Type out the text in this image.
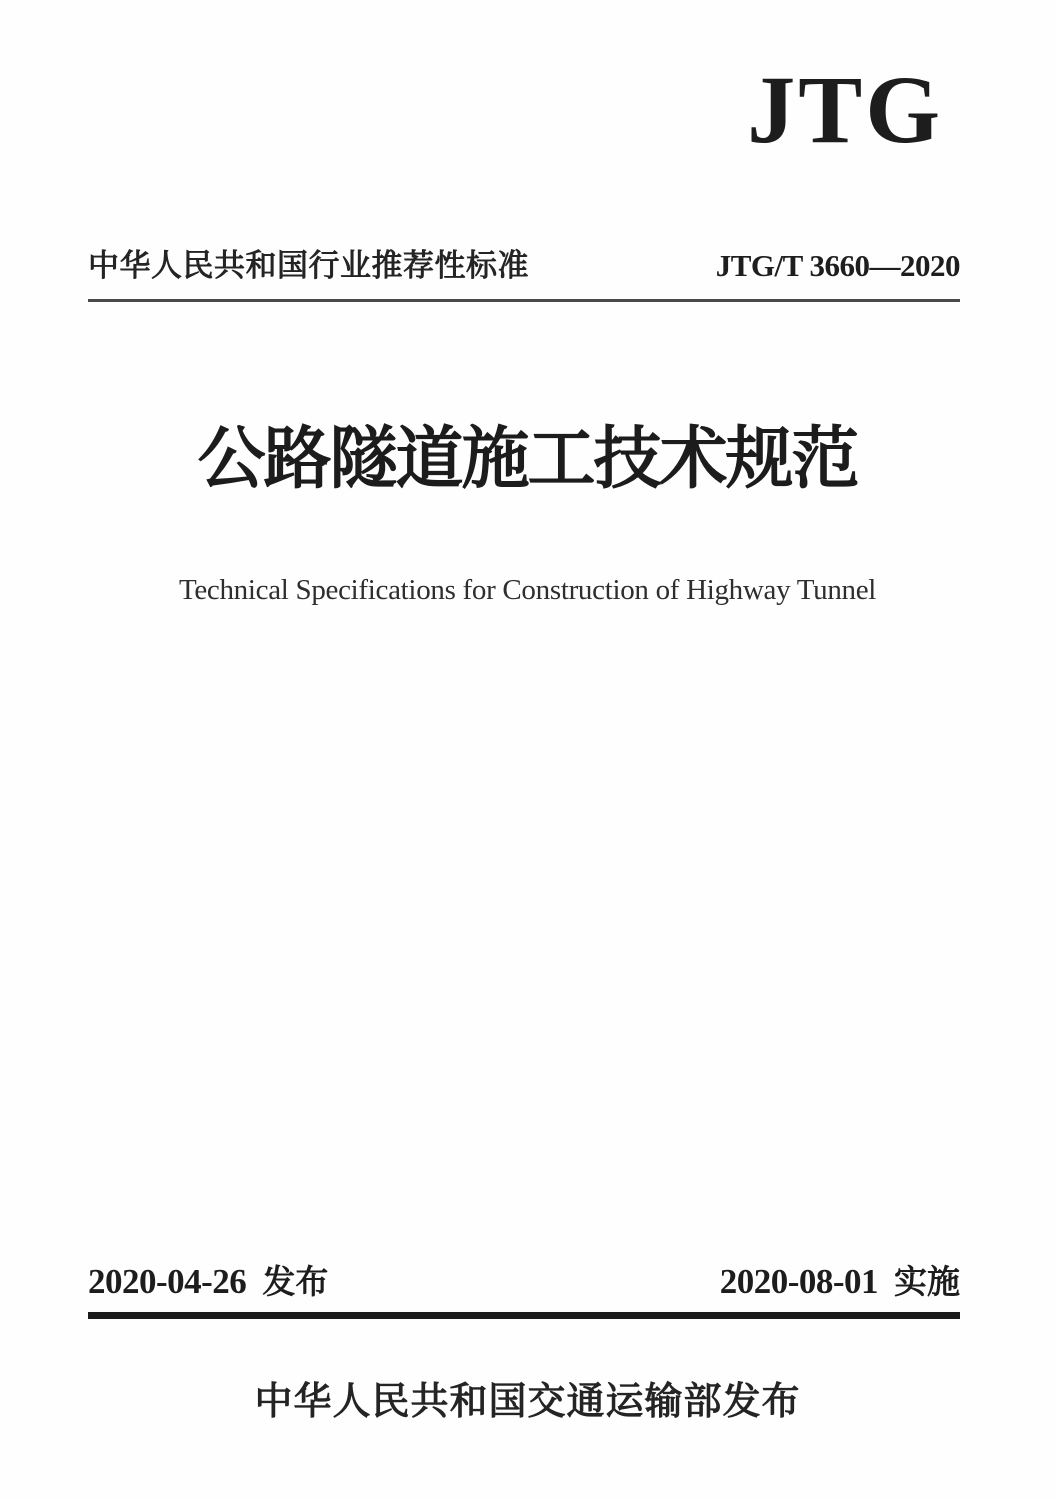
JTG
中华人民共和国行业推荐性标准	JTG/T 3660—2020
公路隧道施工技术规范
Technical Specifications for Construction of Highway Tunnel
2020-04-26 发布	2020-08-01 实施
中华人民共和国交通运输部发布
